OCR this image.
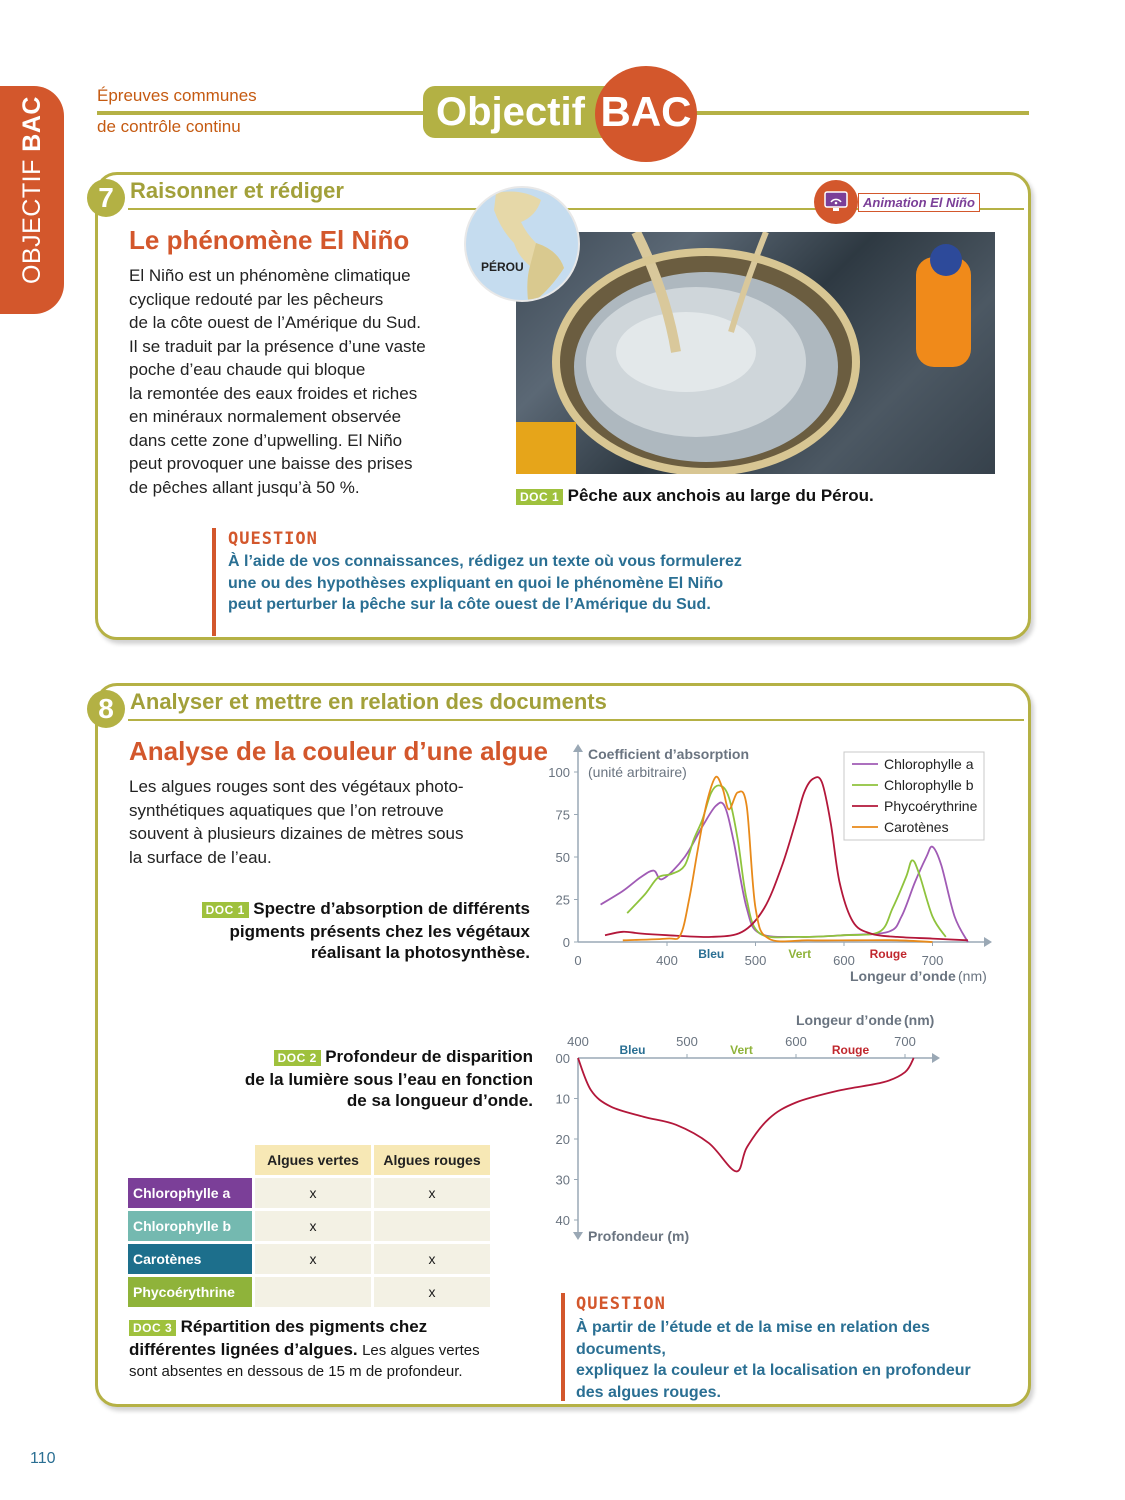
OBJECTIF BAC
Épreuves communes
de contrôle continu	Objectif BAC
7 Raisonner et rédiger	Animation El Niño
Le phénomène El Niño
El Niño est un phénomène climatique
cyclique redouté par les pêcheurs
de la côte ouest de l’Amérique du Sud.
Il se traduit par la présence d’une vaste
poche d’eau chaude qui bloque
la remontée des eaux froides et riches
en minéraux normalement observée
dans cette zone d’upwelling. El Niño
peut provoquer une baisse des prises
de pêches allant jusqu’à 50 %.
PÉROU
DOC 1 Pêche aux anchois au large du Pérou.
QUESTION
À l’aide de vos connaissances, rédigez un texte où vous formulerez
une ou des hypothèses expliquant en quoi le phénomène El Niño
peut perturber la pêche sur la côte ouest de l’Amérique du Sud.
8 Analyser et mettre en relation des documents
Analyse de la couleur d’une algue
Les algues rouges sont des végétaux photo-
synthétiques aquatiques que l’on retrouve
souvent à plusieurs dizaines de mètres sous
la surface de l’eau.
DOC 1 Spectre d’absorption de différents
pigments présents chez les végétaux
réalisant la photosynthèse.
DOC 2 Profondeur de disparition
de la lumière sous l’eau en fonction
de sa longueur d’onde.
	Algues vertes	Algues rouges
Chlorophylle a	x	x
Chlorophylle b	x	
Carotènes	x	x
Phycoérythrine		x
DOC 3 Répartition des pigments chez
différentes lignées d’algues. Les algues vertes
sont absentes en dessous de 15 m de profondeur.
QUESTION
À partir de l’étude et de la mise en relation des documents,
expliquez la couleur et la localisation en profondeur
des algues rouges.
Coefficient d’absorption
(unité arbitraire)
Longeur d’onde (nm)
100
75
50
25
0
0	400	500	600	700
Bleu	Vert	Rouge
Chlorophylle a
Chlorophylle b
Phycoérythrine
Carotènes
Longeur d’onde (nm)
Profondeur (m)
400	500	600	700
Bleu	Vert	Rouge
00
10
20
30
40
110
